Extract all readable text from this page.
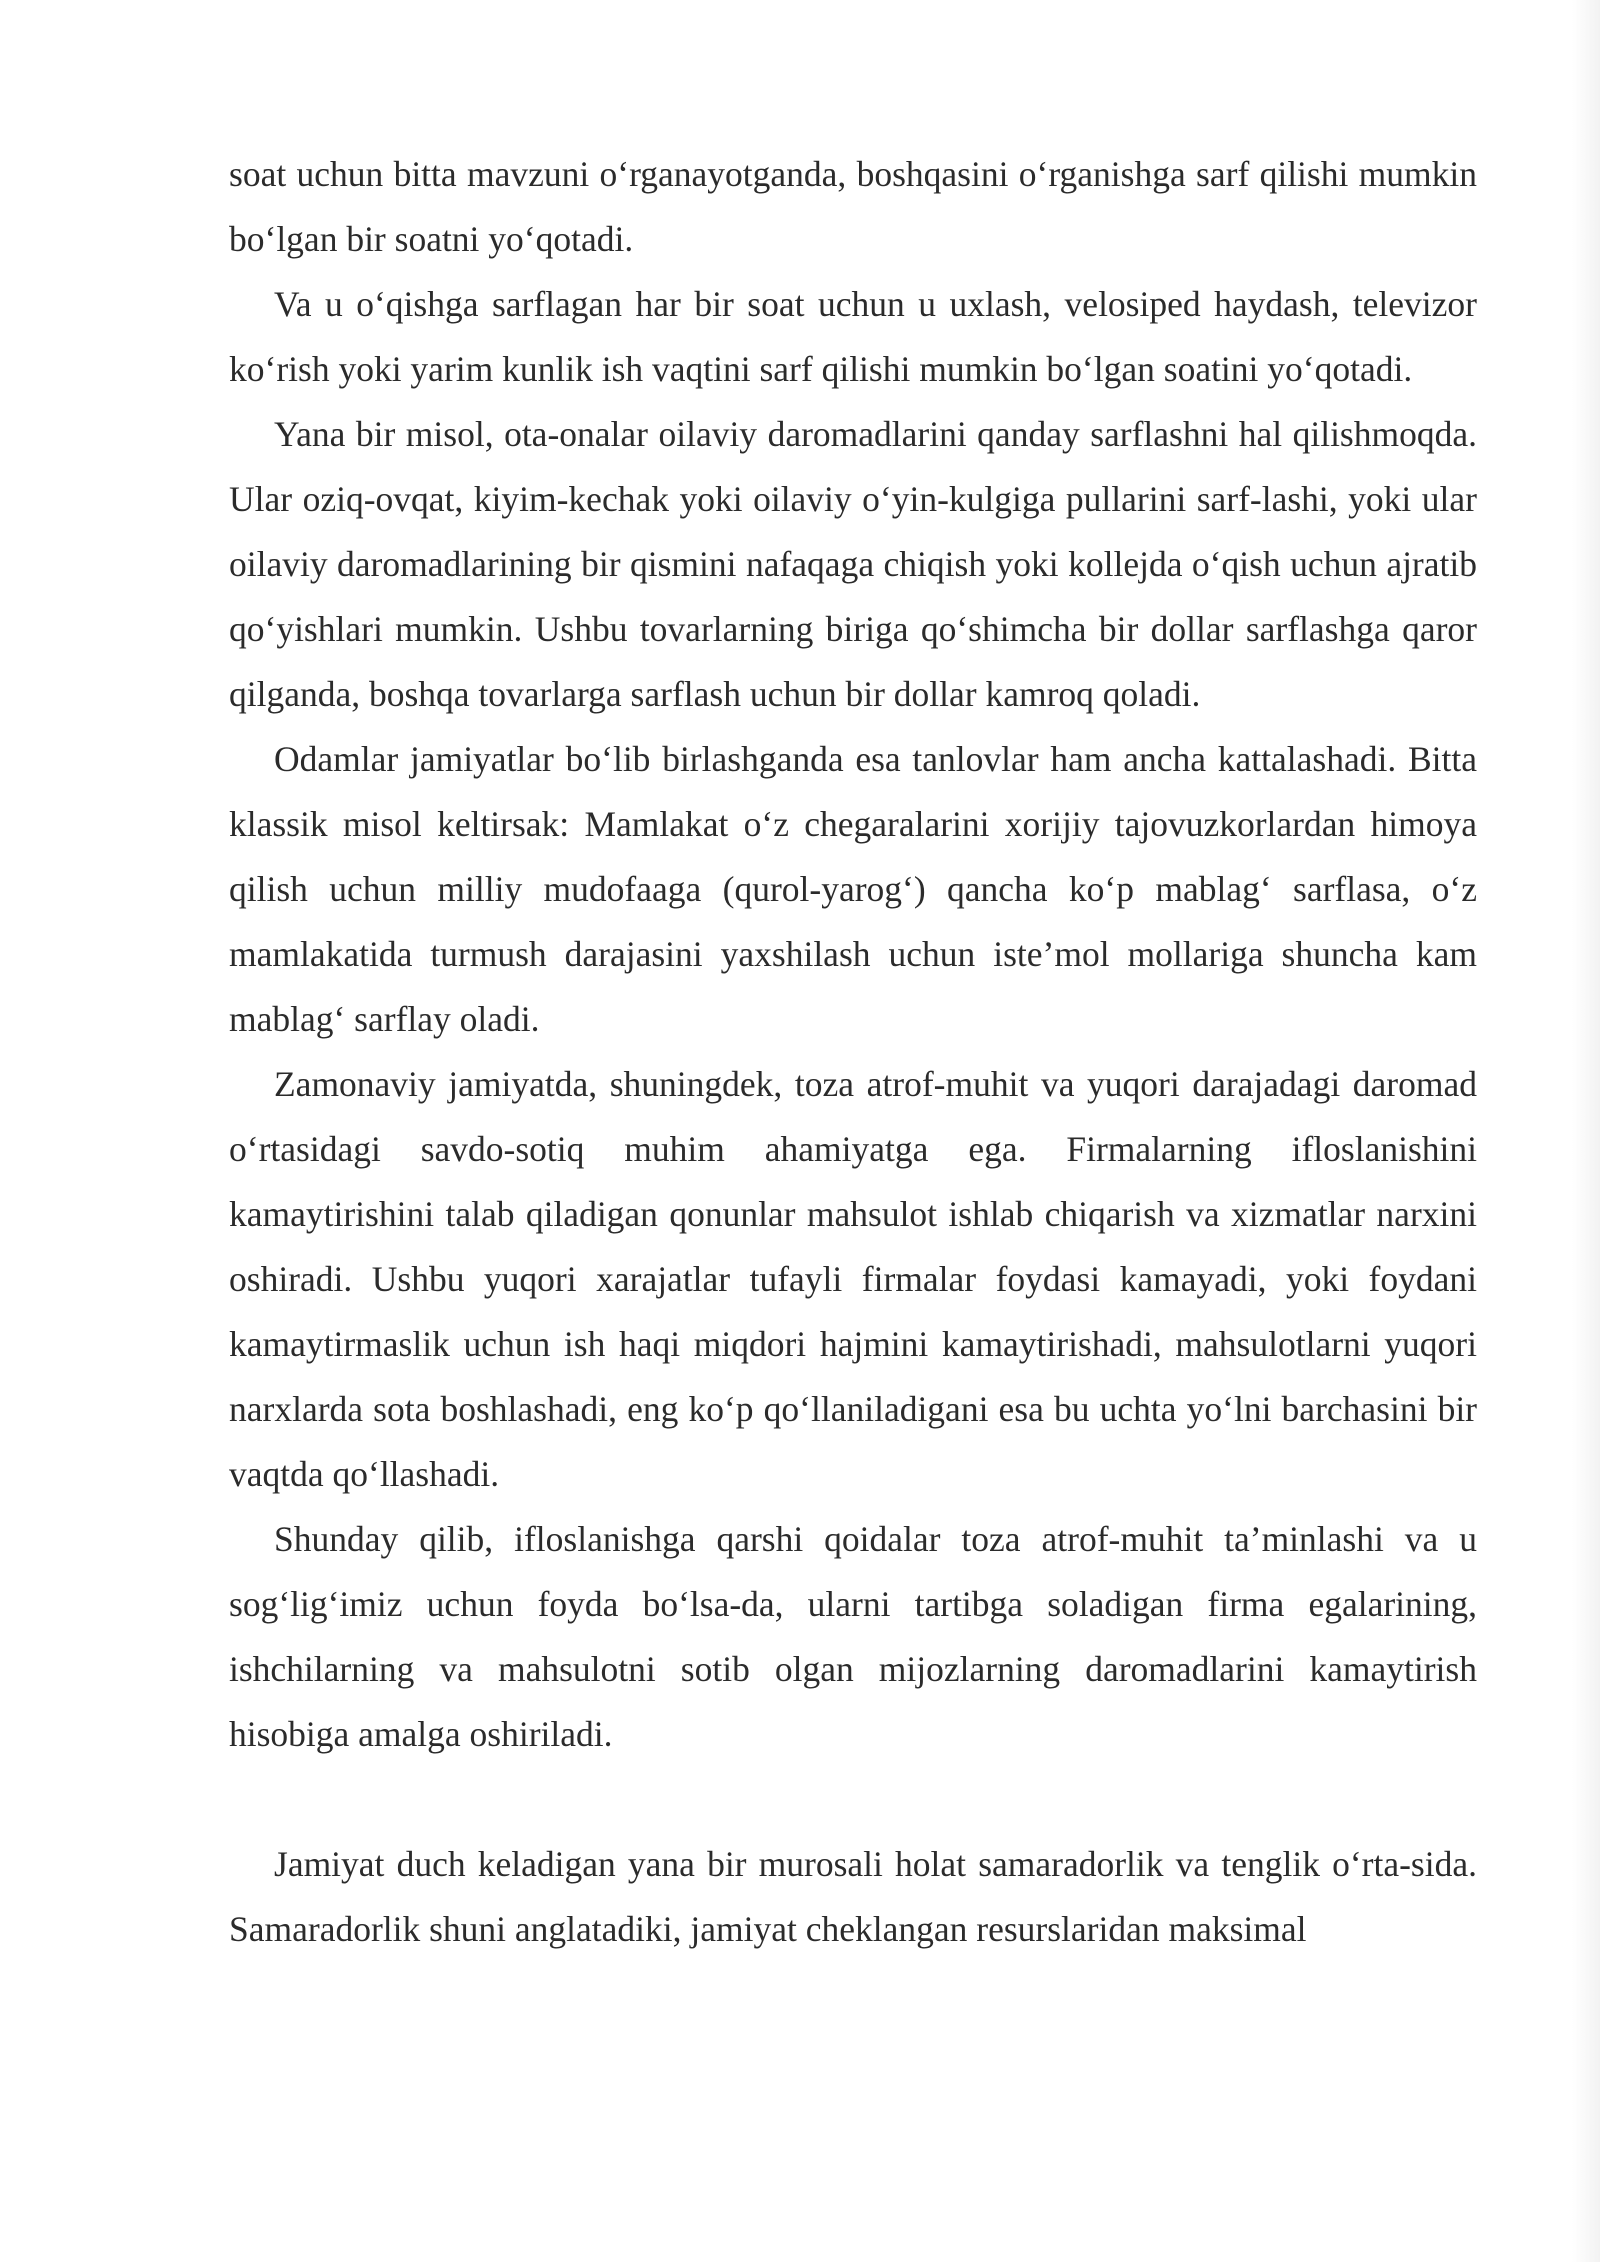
soat uchun bitta mavzuni o‘rganayotganda, boshqasini o‘rganishga sarf qilishi mumkin bo‘lgan bir soatni yo‘qotadi.

Va u o‘qishga sarflagan har bir soat uchun u uxlash, velosiped haydash, televizor ko‘rish yoki yarim kunlik ish vaqtini sarf qilishi mumkin bo‘lgan soatini yo‘qotadi.

Yana bir misol, ota-onalar oilaviy daromadlarini qanday sarflashni hal qilishmoqda. Ular oziq-ovqat, kiyim-kechak yoki oilaviy o‘yin-kulgiga pullarini sarf-lashi, yoki ular oilaviy daromadlarining bir qismini nafaqaga chiqish yoki kollejda o‘qish uchun ajratib qo‘yishlari mumkin. Ushbu tovarlarning biriga qo‘shimcha bir dollar sarflashga qaror qilganda, boshqa tovarlarga sarflash uchun bir dollar kamroq qoladi.

Odamlar jamiyatlar bo‘lib birlashganda esa tanlovlar ham ancha kattalashadi. Bitta klassik misol keltirsak: Mamlakat o‘z chegaralarini xorijiy tajovuzkorlardan himoya qilish uchun milliy mudofaaga (qurol-yarog‘) qancha ko‘p mablag‘ sarflasa, o‘z mamlakatida turmush darajasini yaxshilash uchun iste’mol mollariga shuncha kam mablag‘ sarflay oladi.

Zamonaviy jamiyatda, shuningdek, toza atrof-muhit va yuqori darajadagi daromad o‘rtasidagi savdo-sotiq muhim ahamiyatga ega. Firmalarning ifloslanishini kamaytirishini talab qiladigan qonunlar mahsulot ishlab chiqarish va xizmatlar narxini oshiradi. Ushbu yuqori xarajatlar tufayli firmalar foydasi kamayadi, yoki foydani kamaytirmaslik uchun ish haqi miqdori hajmini kamaytirishadi, mahsulotlarni yuqori narxlarda sota boshlashadi, eng ko‘p qo‘llaniladigani esa bu uchta yo‘lni barchasini bir vaqtda qo‘llashadi.

Shunday qilib, ifloslanishga qarshi qoidalar toza atrof-muhit ta’minlashi va u sog‘lig‘imiz uchun foyda bo‘lsa-da, ularni tartibga soladigan firma egalarining, ishchilarning va mahsulotni sotib olgan mijozlarning daromadlarini kamaytirish hisobiga amalga oshiriladi.

Jamiyat duch keladigan yana bir murosali holat samaradorlik va tenglik o‘rta-sida. Samaradorlik shuni anglatadiki, jamiyat cheklangan resurslaridan maksimal
